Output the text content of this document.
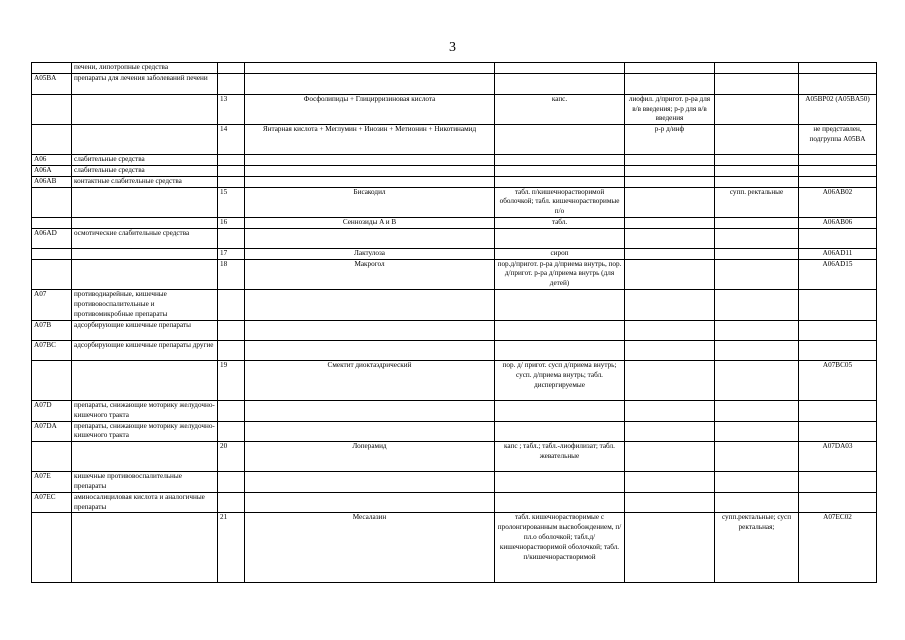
3
	печени, липотропные средства						
A05BA	препараты для лечения заболеваний печени						
		13	Фосфолипиды + Глицирризиновая кислота	капс.	лиофил. д/пригот. р-ра для в/в введения; р-р для в/в введения		A05BP02 (A05BA50)
		14	Янтарная кислота + Меглумин + Инозин + Метионин + Никотинамид		р-р д/инф		не представлен, подгруппа A05BA
A06	слабительные средства						
A06A	слабительные средства						
A06AB	контактные слабительные средства						
		15	Бисакодил	табл. п/кишечнорастворимой оболочкой; табл. кишечнорастворимые п/о		супп. ректальные	A06AB02
		16	Сеннозиды A и B	табл.			A06AB06
A06AD	осмотические слабительные средства						
		17	Лактулоза	сироп			A06AD11
		18	Макрогол	пор.д/пригот. р-ра д/приема внутрь, пор. д/пригот. р-ра д/приема внутрь (для детей)			A06AD15
A07	противодиарейные, кишечные противовоспалительные и противомикробные препараты						
A07B	адсорбирующие кишечные препараты						
A07BC	адсорбирующие кишечные препараты другие						
		19	Смектит диоктаэдрический	пор. д/ пригот. сусп д/приема внутрь; сусп. д/приема внутрь; табл. диспергируемые			A07BC05
A07D	препараты, снижающие моторику желудочно-кишечного тракта						
A07DA	препараты, снижающие моторику желудочно-кишечного тракта						
		20	Лоперамид	капс ; табл.; табл.-лиофилизат; табл. жевательные			A07DA03
A07E	кишечные противовоспалительные препараты						
A07EC	аминосалициловая кислота и аналогичные препараты						
		21	Месалазин	табл. кишечнорастворимые с пролонгированным высвобождением, п/пл.о оболочкой; табл.д/кишечнорастворимой оболочкой; табл. п/кишечнорастворимой		супп.ректальные; сусп ректальная;	A07EC02
